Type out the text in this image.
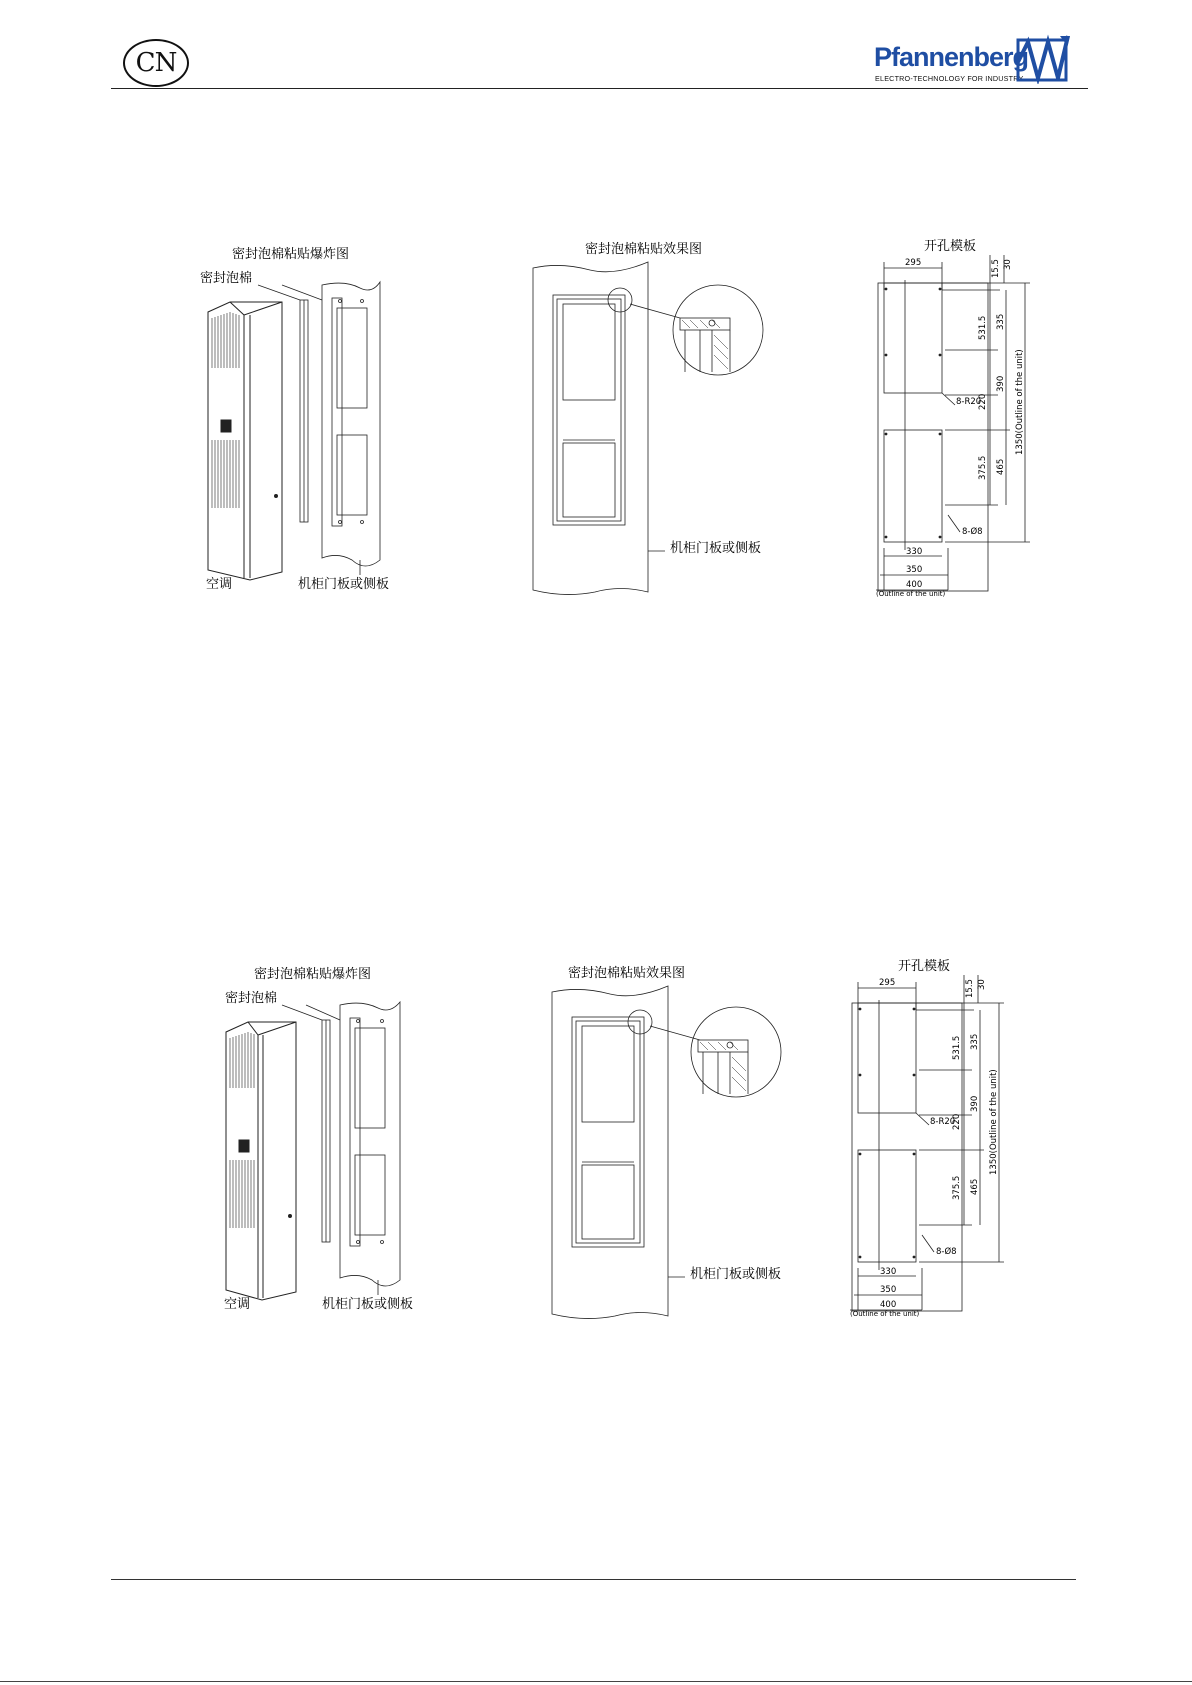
CN	Pfannenberg
ELECTRO-TECHNOLOGY FOR INDUSTRY
密封泡棉粘贴爆炸图
密封泡棉
空调	机柜门板或侧板
密封泡棉粘贴效果图
机柜门板或侧板
开孔模板
295	15.5 30
531.5 335
8-R20
390
220	1350(Outline of the unit)
375.5 465
8-Ø8
330
350
400
(Outline of the unit)
密封泡棉粘贴爆炸图
密封泡棉
空调	机柜门板或侧板
密封泡棉粘贴效果图
机柜门板或侧板
开孔模板
295	15.5 30
531.5 335
8-R20
390
220	1350(Outline of the unit)
375.5 465
8-Ø8
330
350
400
(Outline of the unit)
